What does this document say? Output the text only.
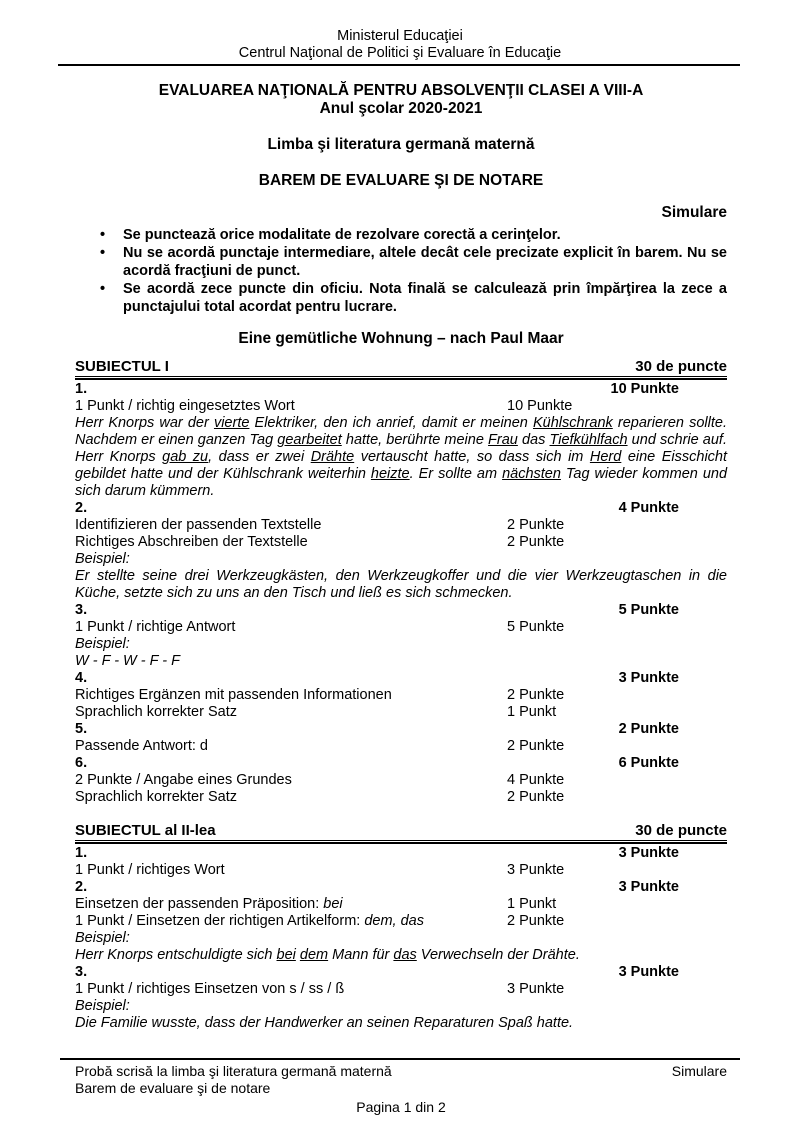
Ministerul Educaţiei
Centrul Naţional de Politici şi Evaluare în Educaţie
EVALUAREA NAŢIONALĂ PENTRU ABSOLVENŢII CLASEI A VIII-A
Anul şcolar 2020-2021
Limba şi literatura germană maternă
BAREM DE EVALUARE ŞI DE NOTARE
Simulare
• Se punctează orice modalitate de rezolvare corectă a cerinţelor.
• Nu se acordă punctaje intermediare, altele decât cele precizate explicit în barem. Nu se acordă fracţiuni de punct.
• Se acordă zece puncte din oficiu. Nota finală se calculează prin împărţirea la zece a punctajului total acordat pentru lucrare.
Eine gemütliche Wohnung – nach Paul Maar
SUBIECTUL I	30 de puncte
1.	10 Punkte
1 Punkt / richtig eingesetztes Wort	10 Punkte
Herr Knorps war der vierte Elektriker, den ich anrief, damit er meinen Kühlschrank reparieren sollte. Nachdem er einen ganzen Tag gearbeitet hatte, berührte meine Frau das Tiefkühlfach und schrie auf. Herr Knorps gab zu, dass er zwei Drähte vertauscht hatte, so dass sich im Herd eine Eisschicht gebildet hatte und der Kühlschrank weiterhin heizte. Er sollte am nächsten Tag wieder kommen und sich darum kümmern.
2.	4 Punkte
Identifizieren der passenden Textstelle	2 Punkte
Richtiges Abschreiben der Textstelle	2 Punkte
Beispiel:
Er stellte seine drei Werkzeugkästen, den Werkzeugkoffer und die vier Werkzeugtaschen in die Küche, setzte sich zu uns an den Tisch und ließ es sich schmecken.
3.	5 Punkte
1 Punkt / richtige Antwort	5 Punkte
Beispiel:
W - F - W - F - F
4.	3 Punkte
Richtiges Ergänzen mit passenden Informationen	2 Punkte
Sprachlich korrekter Satz	1 Punkt
5.	2 Punkte
Passende Antwort: d	2 Punkte
6.	6 Punkte
2 Punkte / Angabe eines Grundes	4 Punkte
Sprachlich korrekter Satz	2 Punkte
SUBIECTUL al II-lea	30 de puncte
1.	3 Punkte
1 Punkt / richtiges Wort	3 Punkte
2.	3 Punkte
Einsetzen der passenden Präposition: bei	1 Punkt
1 Punkt / Einsetzen der richtigen Artikelform: dem, das	2 Punkte
Beispiel:
Herr Knorps entschuldigte sich bei dem Mann für das Verwechseln der Drähte.
3.	3 Punkte
1 Punkt / richtiges Einsetzen von s / ss / ß	3 Punkte
Beispiel:
Die Familie wusste, dass der Handwerker an seinen Reparaturen Spaß hatte.
Probă scrisă la limba şi literatura germană maternă	Simulare
Barem de evaluare şi de notare
Pagina 1 din 2
